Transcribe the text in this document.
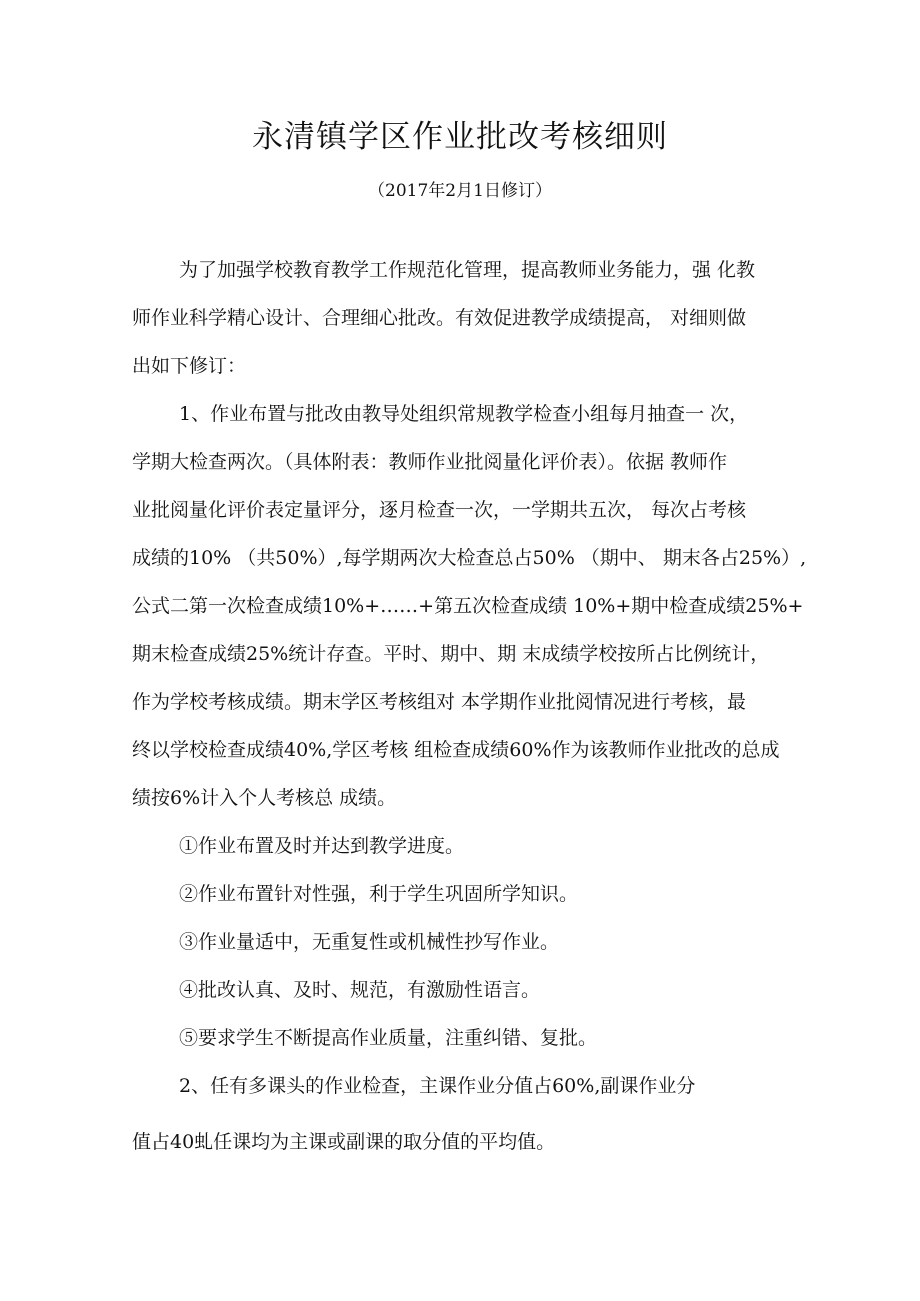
永清镇学区作业批改考核细则
（2017年2月1日修订）
为了加强学校教育教学工作规范化管理，提高教师业务能力，强 化教
师作业科学精心设计、合理细心批改。有效促进教学成绩提高， 对细则做
出如下修订：
1、作业布置与批改由教导处组织常规教学检查小组每月抽查一 次，
学期大检查两次。（具体附表：教师作业批阅量化评价表）。依据 教师作
业批阅量化评价表定量评分，逐月检查一次，一学期共五次， 每次占考核
成绩的10% （共50%）,每学期两次大检查总占50% （期中、 期末各占25%）,
公式二第一次检查成绩10%+……+第五次检查成绩 10%+期中检查成绩25%+
期末检查成绩25%统计存查。平时、期中、期 末成绩学校按所占比例统计，
作为学校考核成绩。期末学区考核组对 本学期作业批阅情况进行考核，最
终以学校检查成绩40%,学区考核 组检查成绩60%作为该教师作业批改的总成
绩按6%计入个人考核总 成绩。
①作业布置及时并达到教学进度。
②作业布置针对性强，利于学生巩固所学知识。
③作业量适中，无重复性或机械性抄写作业。
④批改认真、及时、规范，有激励性语言。
⑤要求学生不断提高作业质量，注重纠错、复批。
2、任有多课头的作业检查，主课作业分值占60%,副课作业分
值占40虬任课均为主课或副课的取分值的平均值。
